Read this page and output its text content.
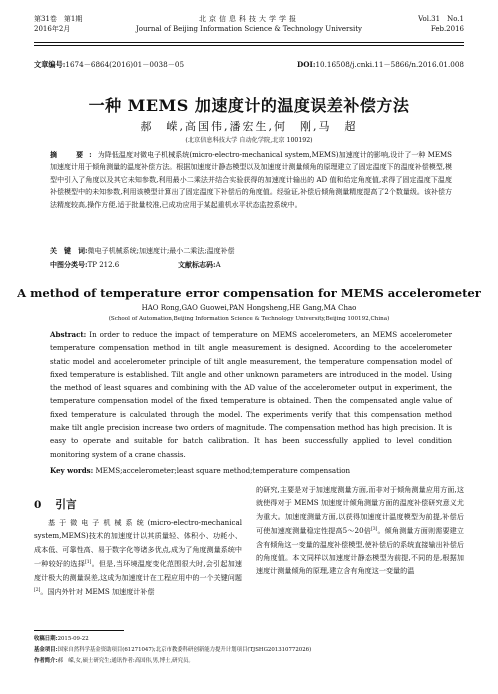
第31卷　第1期
2016年2月
北京信息科技大学学报
Journal of Beijing Information Science & Technology University
Vol.31　No.1
Feb.2016
文章编号:1674－6864(2016)01－0038－05	DOI:10.16508/j.cnki.11－5866/n.2016.01.008
一种 MEMS 加速度计的温度误差补偿方法
郝　嵘,高国伟,潘宏生,何　刚,马　超
(北京信息科技大学 自动化学院,北京 100192)
摘　要:为降低温度对微电子机械系统(micro-electro-mechanical system,MEMS)加速度计的影响,设计了一种 MEMS 加速度计用于倾角测量的温度补偿方法。根据加速度计静态模型以及加速度计测量倾角的原理建立了固定温度下的温度补偿模型,模型中引入了角度以及其它未知参数,利用最小二乘法并结合实验获得的加速度计输出的 AD 值和给定角度值,求得了固定温度下温度补偿模型中的未知参数,利用该模型计算出了固定温度下补偿后的角度值。经验证,补偿后倾角测量精度提高了2个数量级。该补偿方法精度较高,操作方便,适于批量校准,已成功应用于某起重机水平状态监控系统中。
关　键　词:微电子机械系统;加速度计;最小二乘法;温度补偿
中图分类号:TP 212.6	文献标志码:A
A method of temperature error compensation for MEMS accelerometer
HAO Rong,GAO Guowei,PAN Hongsheng,HE Gang,MA Chao
(School of Automation,Beijing Information Science & Technology University,Beijing 100192,China)
Abstract: In order to reduce the impact of temperature on MEMS accelerometers, an MEMS accelerometer temperature compensation method in tilt angle measurement is designed. According to the accelerometer static model and accelerometer principle of tilt angle measurement, the temperature compensation model of fixed temperature is established. Tilt angle and other unknown parameters are introduced in the model. Using the method of least squares and combining with the AD value of the accelerometer output in experiment, the temperature compensation model of the fixed temperature is obtained. Then the compensated angle value of fixed temperature is calculated through the model. The experiments verify that this compensation method make tilt angle precision increase two orders of magnitude. The compensation method has high precision. It is easy to operate and suitable for batch calibration. It has been successfully applied to level condition monitoring system of a crane chassis.
Key words: MEMS;accelerometer;least square method;temperature compensation
0 引言
基于微电子机械系统(micro-electro-mechanical system,MEMS)技术的加速度计以其质量轻、体积小、功耗小、成本低、可靠性高、易于数字化等诸多优点,成为了角度测量系统中一种较好的选择[1]。但是,当环境温度变化范围很大时,会引起加速度计极大的测量误差,这成为加速度计在工程应用中的一个关键问题[2]。国内外针对 MEMS 加速度计补偿
的研究,主要是对于加速度测量方面,而非对于倾角测量应用方面,这就使得对于 MEMS 加速度计倾角测量方面的温度补偿研究意义尤为重大。加速度测量方面,以获得加速度计温度模型为前提,补偿后可使加速度测量稳定性提高5～20倍[3]。倾角测量方面则需要建立含有倾角这一变量的温度补偿模型,使补偿后的系统直接输出补偿后的角度值。本文同样以加速度计静态模型为前提,不同的是,根据加速度计测量倾角的原理,建立含有角度这一变量的温
收稿日期:2015-09-22
基金项目:国家自然科学基金资助项目(61271047);北京市教委科研创新能力提升计划项目(TJSHG201310772026)
作者简介:郝　嵘,女,硕士研究生;通讯作者:高国伟,男,博士,研究员。
